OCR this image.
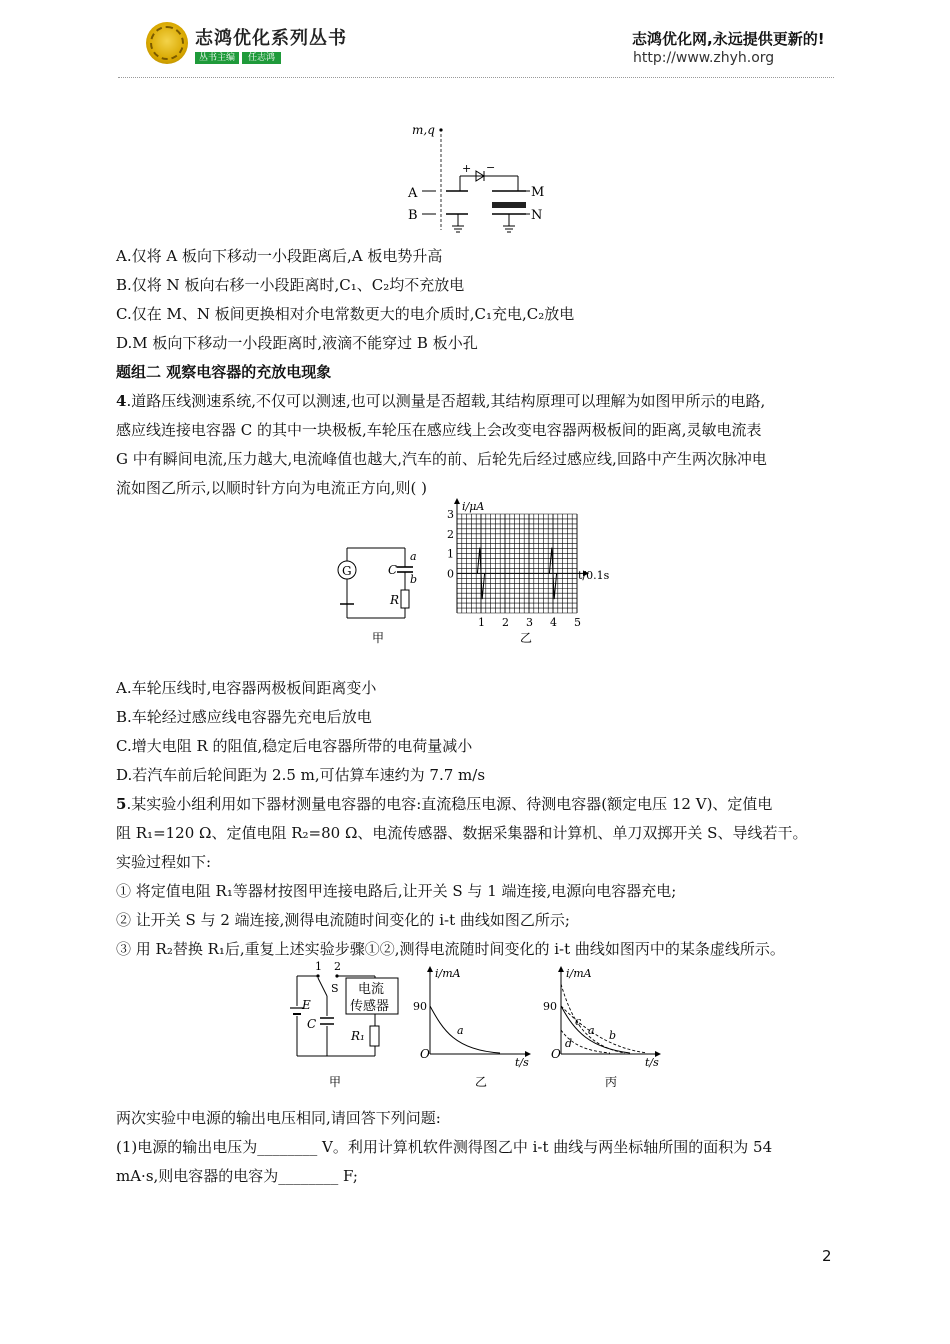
志鸿优化系列丛书
丛书主编 任志鸿
志鸿优化网,永远提供更新的!
http://www.zhyh.org
m,q
A
+ −
M
B	N
A.仅将 A 板向下移动一小段距离后,A 板电势升高
B.仅将 N 板向右移一小段距离时,C₁、C₂均不充放电
C.仅在 M、N 板间更换相对介电常数更大的电介质时,C₁充电,C₂放电
D.M 板向下移动一小段距离时,液滴不能穿过 B 板小孔
题组二 观察电容器的充放电现象
4.道路压线测速系统,不仅可以测速,也可以测量是否超载,其结构原理可以理解为如图甲所示的电路,
感应线连接电容器 C 的其中一块极板,车轮压在感应线上会改变电容器两极板间的距离,灵敏电流表
G 中有瞬间电流,压力越大,电流峰值也越大,汽车的前、后轮先后经过感应线,回路中产生两次脉冲电
流如图乙所示,以顺时针方向为电流正方向,则( )
G
a
C
b
R
甲
1 2 3 4 5
0
1
2
3
i/μA
t/0.1s
乙
A.车轮压线时,电容器两极板间距离变小
B.车轮经过感应线电容器先充电后放电
C.增大电阻 R 的阻值,稳定后电容器所带的电荷量减小
D.若汽车前后轮间距为 2.5 m,可估算车速约为 7.7 m/s
5.某实验小组利用如下器材测量电容器的电容:直流稳压电源、待测电容器(额定电压 12 V)、定值电
阻 R₁=120 Ω、定值电阻 R₂=80 Ω、电流传感器、数据采集器和计算机、单刀双掷开关 S、导线若干。
实验过程如下:
① 将定值电阻 R₁等器材按图甲连接电路后,让开关 S 与 1 端连接,电源向电容器充电;
② 让开关 S 与 2 端连接,测得电流随时间变化的 i-t 曲线如图乙所示;
③ 用 R₂替换 R₁后,重复上述实验步骤①②,测得电流随时间变化的 i-t 曲线如图丙中的某条虚线所示。
1 2
S
E
C
电流
传感器
R₁
甲
i/mA
90
O
t/s
a
乙
i/mA
90
O
t/s
c
a b
d
丙
两次实验中电源的输出电压相同,请回答下列问题:
(1)电源的输出电压为________ V。利用计算机软件测得图乙中 i-t 曲线与两坐标轴所围的面积为 54
mA·s,则电容器的电容为________ F;
2
